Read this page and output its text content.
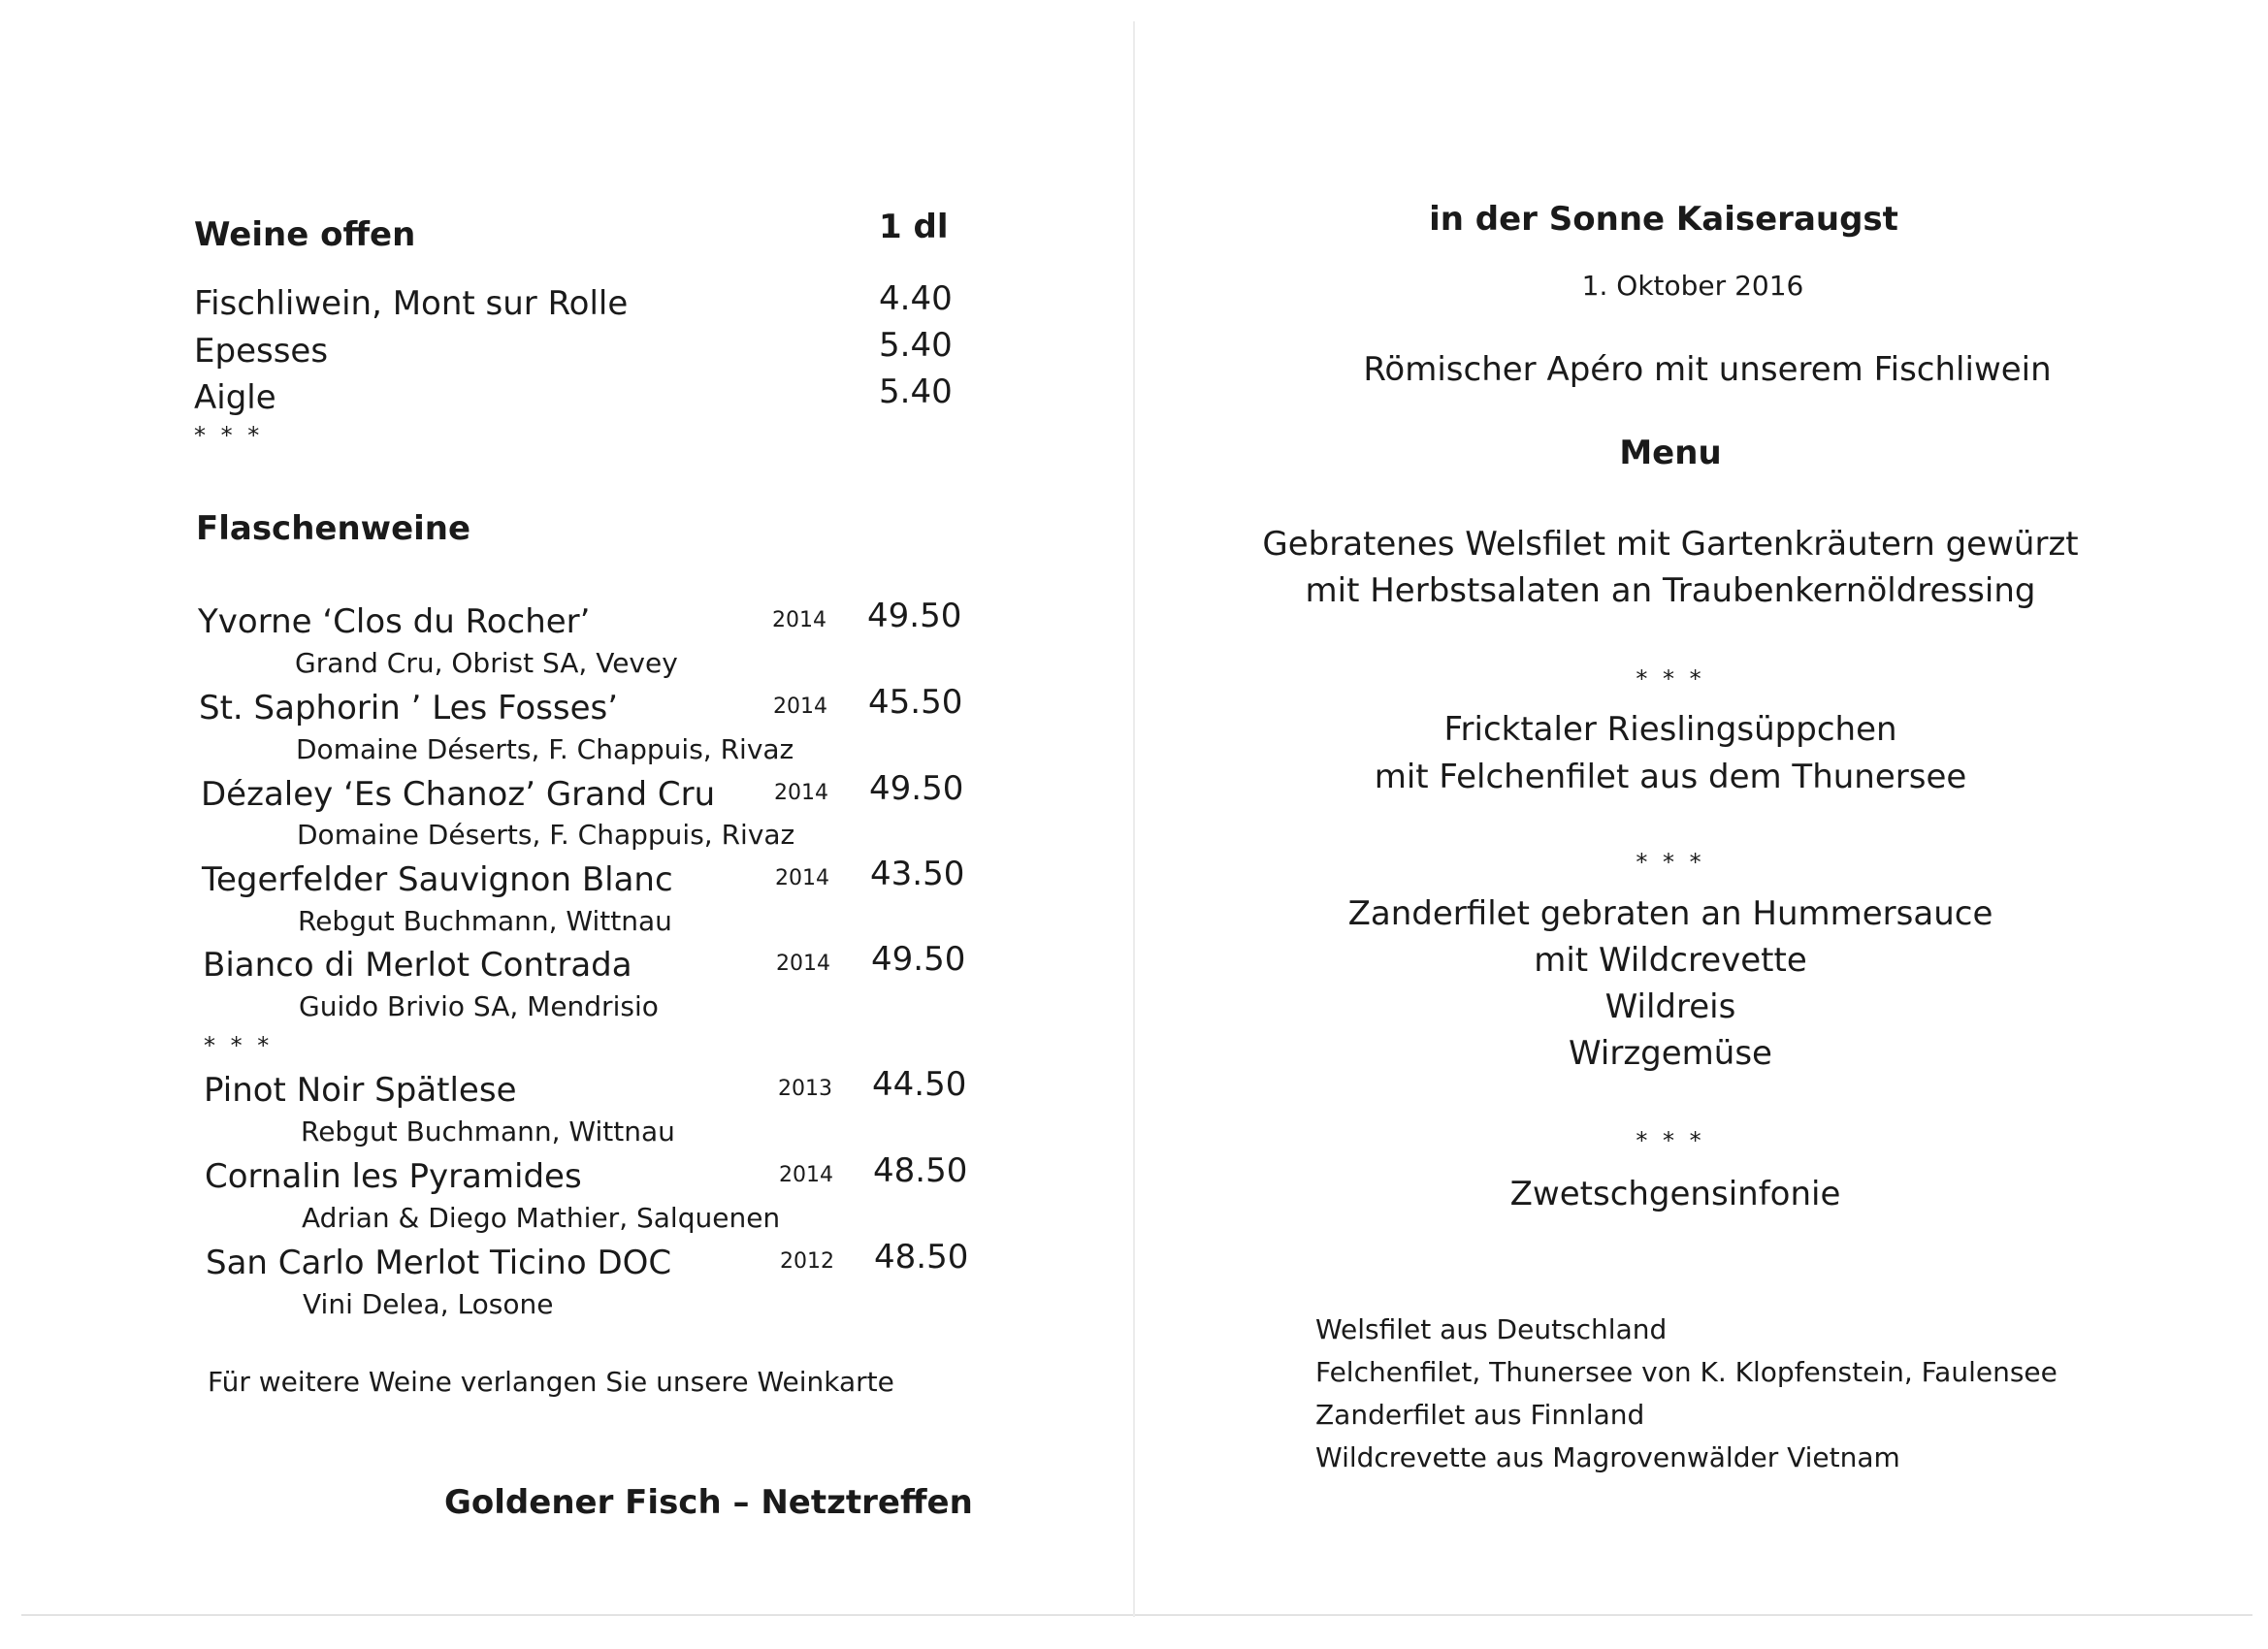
Weine offen	1 dl
Fischliwein, Mont sur Rolle	4.40
Epesses	5.40
Aigle	5.40
* * *
Flaschenweine
Yvorne ‘Clos du Rocher’	2014 49.50
Grand Cru, Obrist SA, Vevey
St. Saphorin ’ Les Fosses’	2014 45.50
Domaine Déserts, F. Chappuis, Rivaz
Dézaley ‘Es Chanoz’ Grand Cru	2014 49.50
Domaine Déserts, F. Chappuis, Rivaz
Tegerfelder Sauvignon Blanc	2014 43.50
Rebgut Buchmann, Wittnau
Bianco di Merlot Contrada	2014 49.50
Guido Brivio SA, Mendrisio
* * *
Pinot Noir Spätlese	2013 44.50
Rebgut Buchmann, Wittnau
Cornalin les Pyramides	2014 48.50
Adrian & Diego Mathier, Salquenen
San Carlo Merlot Ticino DOC	2012 48.50
Vini Delea, Losone
Für weitere Weine verlangen Sie unsere Weinkarte
Goldener Fisch – Netztreffen
in der Sonne Kaiseraugst
1. Oktober 2016
Römischer Apéro mit unserem Fischliwein
Menu
Gebratenes Welsfilet mit Gartenkräutern gewürzt
mit Herbstsalaten an Traubenkernöldressing
* * *
Fricktaler Rieslingsüppchen
mit Felchenfilet aus dem Thunersee
* * *
Zanderfilet gebraten an Hummersauce
mit Wildcrevette
Wildreis
Wirzgemüse
* * *
Zwetschgensinfonie
Welsfilet aus Deutschland
Felchenfilet, Thunersee von K. Klopfenstein, Faulensee
Zanderfilet aus Finnland
Wildcrevette aus Magrovenwälder Vietnam
